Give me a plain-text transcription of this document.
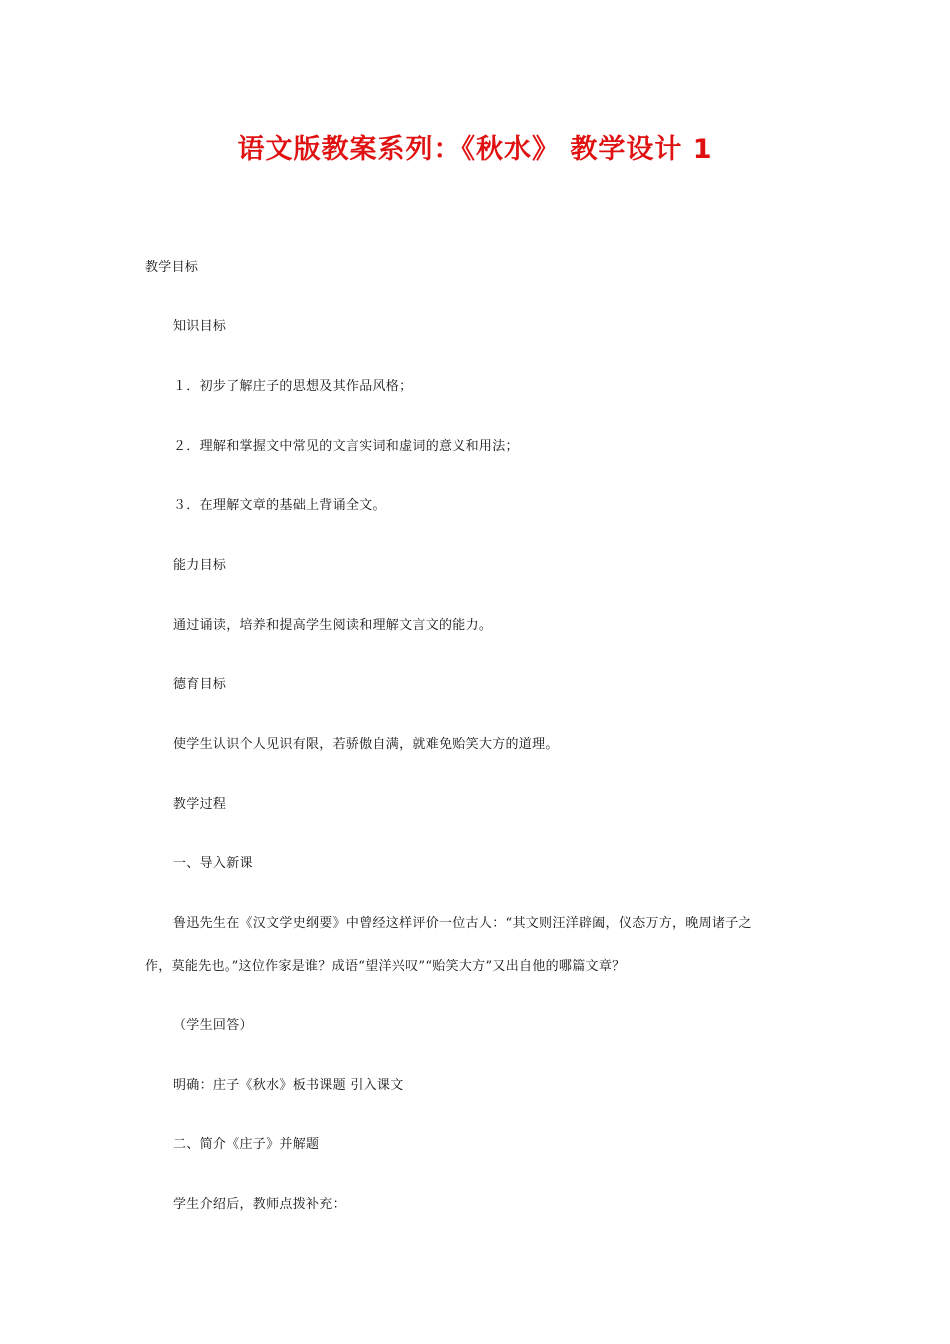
语文版教案系列：《秋水》 教学设计 1
教学目标
知识目标
１．初步了解庄子的思想及其作品风格；
２．理解和掌握文中常见的文言实词和虚词的意义和用法；
３．在理解文章的基础上背诵全文。
能力目标
通过诵读，培养和提高学生阅读和理解文言文的能力。
德育目标
使学生认识个人见识有限，若骄傲自满，就难免贻笑大方的道理。
教学过程
一、导入新课
鲁迅先生在《汉文学史纲要》中曾经这样评价一位古人：“其文则汪洋辟阖，仪态万方，晚周诸子之
作，莫能先也。”这位作家是谁？成语“望洋兴叹”“贻笑大方”又出自他的哪篇文章？
（学生回答）
明确：庄子《秋水》板书课题 引入课文
二、简介《庄子》并解题
学生介绍后，教师点拨补充：
